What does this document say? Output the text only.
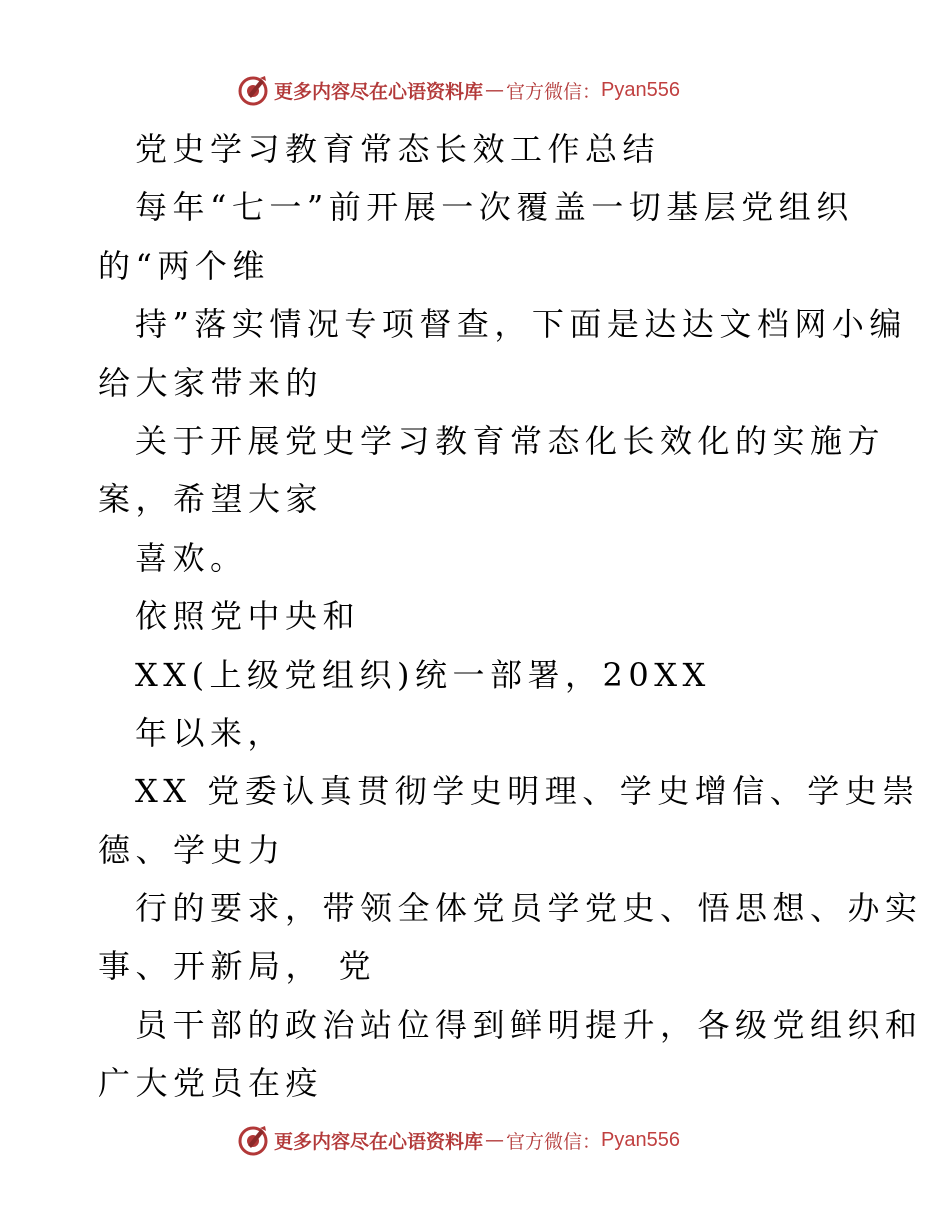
更多内容尽在心语资料库 — 官方微信： Pyan556
党史学习教育常态长效工作总结
每年“七一”前开展一次覆盖一切基层党组织
的“两个维
持”落实情况专项督查，下面是达达文档网小编
给大家带来的
关于开展党史学习教育常态化长效化的实施方
案，希望大家
喜欢。
依照党中央和
XX(上级党组织)统一部署，20XX
年以来，
XX 党委认真贯彻学史明理、学史增信、学史崇
德、学史力
行的要求，带领全体党员学党史、悟思想、办实
事、开新局， 党
员干部的政治站位得到鲜明提升，各级党组织和
广大党员在疫
更多内容尽在心语资料库 — 官方微信： Pyan556
